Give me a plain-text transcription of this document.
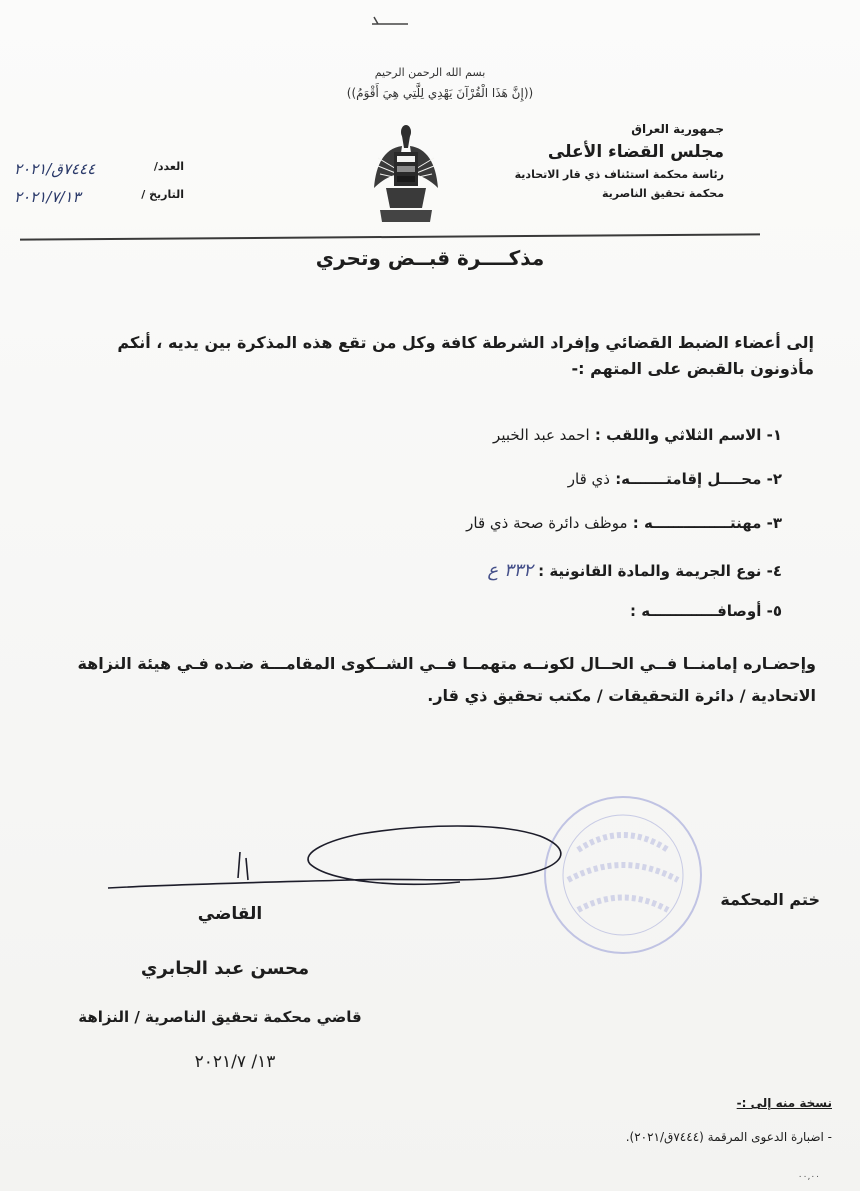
بسم الله الرحمن الرحيم
((إِنَّ هَذَا الْقُرْآنَ يَهْدِي لِلَّتِي هِيَ أَقْوَمُ))
جمهورية العراق
مجلس القضاء الأعلى
رئاسة محكمة استئناف ذي قار الاتحادية
محكمة تحقيق الناصرية
العدد/
٧٤٤٤ق/٢٠٢١
التاريخ /
٢٠٢١/٧/١٣
مذكــــرة قبــض وتحري
إلى أعضاء الضبط القضائي وإفراد الشرطة كافة وكل من تقع هذه المذكرة بين يديه ، أنكم مأذونون بالقبض على المتهم :-
١- الاسم الثلاثي واللقب : احمد عبد الخبير
٢- محــــل إقامتـــــــه: ذي قار
٣- مهنتـــــــــــــــه : موظف دائرة صحة ذي قار
٤- نوع الجريمة والمادة القانونية : ٣٣٢ ع
٥- أوصافـــــــــــــه :
وإحضـاره إمامنــا فــي الحــال لكونــه متهمــا فــي الشــكوى المقامـــة ضـده فـي هيئة النزاهة الاتحادية / دائرة التحقيقات / مكتب تحقيق ذي قار.
ختم المحكمة
القاضي
محسن عبد الجابري
قاضي محكمة تحقيق الناصرية / النزاهة
١٣/ ٢٠٢١/٧
نسخة منه إلى :-
- اضبارة الدعوى المرقمة (٧٤٤٤ق/٢٠٢١).
٠٠,٠٠
